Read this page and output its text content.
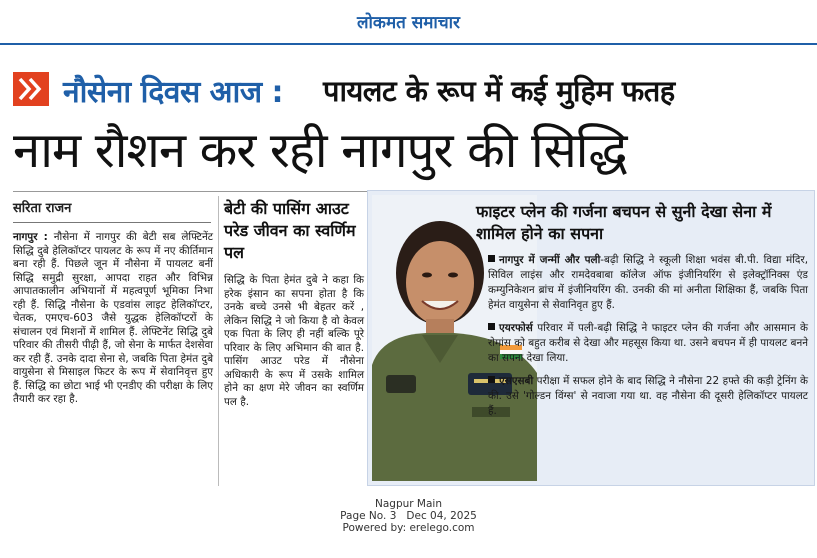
लोकमत समाचार
नौसेना दिवस आज : पायलट के रूप में कई मुहिम फतह
नाम रौशन कर रही नागपुर की सिद्धि
सरिता राजन
नागपुर : नौसेना में नागपुर की बेटी सब लेफ्टिनेंट सिद्धि दुबे हेलिकॉप्टर पायलट के रूप में नए कीर्तिमान बना रही हैं. पिछले जून में नौसेना में पायलट बनीं सिद्धि समुद्री सुरक्षा, आपदा राहत और विभिन्न आपातकालीन अभियानों में महत्वपूर्ण भूमिका निभा रही हैं. सिद्धि नौसेना के एडवांस लाइट हेलिकॉप्टर, चेतक, एमएच-603 जैसे युद्धक हेलिकॉप्टरों के संचालन एवं मिशनों में शामिल हैं. लेफ्टिनेंट सिद्धि दुबे परिवार की तीसरी पीढ़ी हैं, जो सेना के मार्फत देशसेवा कर रही हैं. उनके दादा सेना से, जबकि पिता हेमंत दुबे वायुसेना से मिसाइल फिटर के रूप में सेवानिवृत्त हुए हैं. सिद्धि का छोटा भाई भी एनडीए की परीक्षा के लिए तैयारी कर रहा है.
बेटी की पासिंग आउट परेड जीवन का स्वर्णिम पल
सिद्धि के पिता हेमंत दुबे ने कहा कि हरेक इंसान का सपना होता है कि उनके बच्चे उनसे भी बेहतर करें , लेकिन सिद्धि ने जो किया है वो केवल एक पिता के लिए ही नहीं बल्कि पूरे परिवार के लिए अभिमान की बात है. पासिंग आउट परेड में नौसेना अधिकारी के रूप में उसके शामिल होने का क्षण मेरे जीवन का स्वर्णिम पल है.
फाइटर प्लेन की गर्जना बचपन से सुनी देखा सेना में शामिल होने का सपना

नागपुर में जन्मीं और पली-बढ़ी सिद्धि ने स्कूली शिक्षा भवंस बी.पी. विद्या मंदिर, सिविल लाइंस और रामदेवबाबा कॉलेज ऑफ इंजीनियरिंग से इलेक्ट्रॉनिक्स एंड कम्युनिकेशन ब्रांच में इंजीनियरिंग की. उनकी की मां अनीता शिक्षिका हैं, जबकि पिता हेमंत वायुसेना से सेवानिवृत हुए हैं.

एयरफोर्स परिवार में पली-बढ़ी सिद्धि ने फाइटर प्लेन की गर्जना और आसमान के रोमांस को बहुत करीब से देखा और महसूस किया था. उसने बचपन में ही पायलट बनने का सपना देखा लिया.

एसएसबी परीक्षा में सफल होने के बाद सिद्धि ने नौसेना 22 हफ्ते की कड़ी ट्रेनिंग के की. उसे 'गोल्डन विंग्स' से नवाजा गया था. वह नौसेना की दूसरी हेलिकॉप्टर पायलट हैं.

Nagpur Main
Page No. 3 Dec 04, 2025
Powered by: erelego.com
